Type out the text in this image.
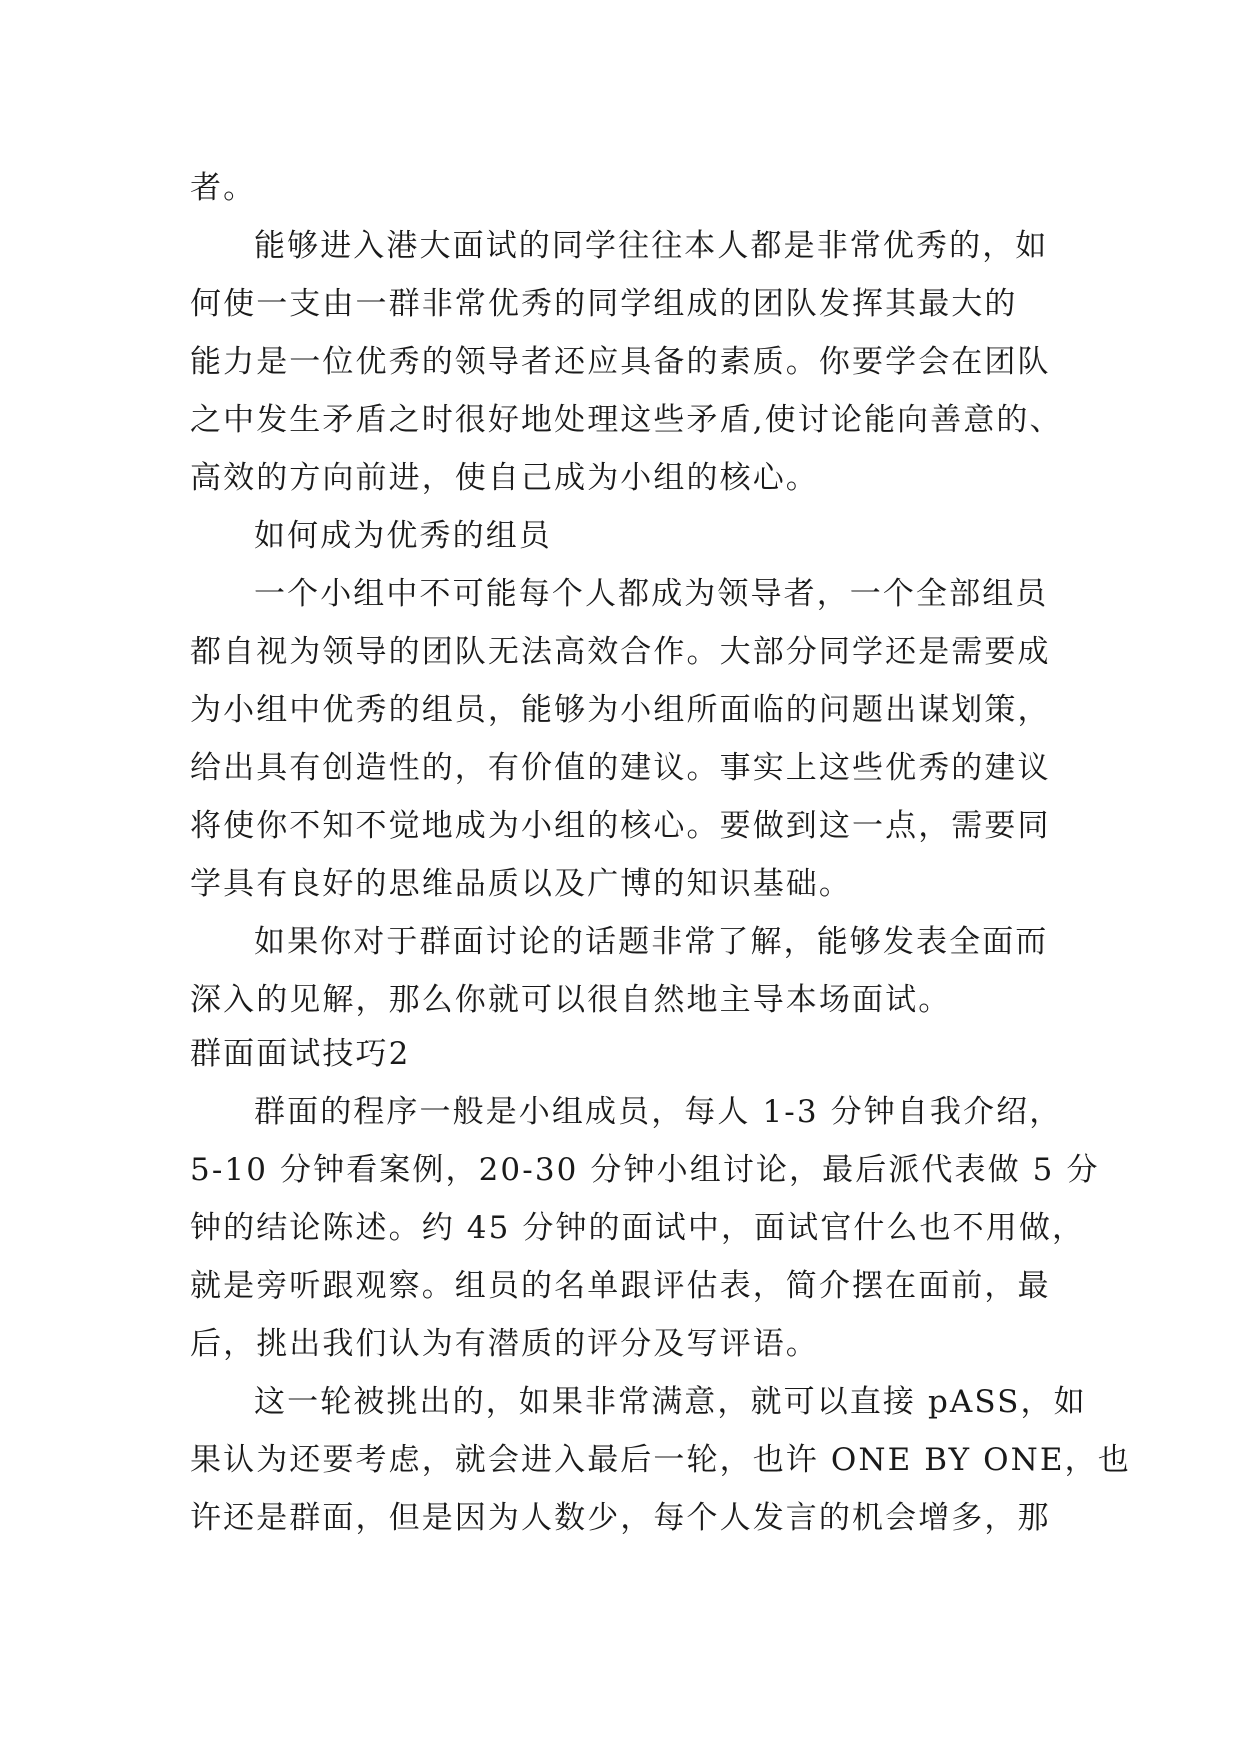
者。

能够进入港大面试的同学往往本人都是非常优秀的，如

何使一支由一群非常优秀的同学组成的团队发挥其最大的

能力是一位优秀的领导者还应具备的素质。你要学会在团队

之中发生矛盾之时很好地处理这些矛盾,使讨论能向善意的、

高效的方向前进，使自己成为小组的核心。

如何成为优秀的组员

一个小组中不可能每个人都成为领导者，一个全部组员

都自视为领导的团队无法高效合作。大部分同学还是需要成

为小组中优秀的组员，能够为小组所面临的问题出谋划策，

给出具有创造性的，有价值的建议。事实上这些优秀的建议

将使你不知不觉地成为小组的核心。要做到这一点，需要同

学具有良好的思维品质以及广博的知识基础。

如果你对于群面讨论的话题非常了解，能够发表全面而

深入的见解，那么你就可以很自然地主导本场面试。

群面面试技巧2

群面的程序一般是小组成员，每人 1-3 分钟自我介绍，

5-10 分钟看案例，20-30 分钟小组讨论，最后派代表做 5 分

钟的结论陈述。约 45 分钟的面试中，面试官什么也不用做，

就是旁听跟观察。组员的名单跟评估表，简介摆在面前，最

后，挑出我们认为有潜质的评分及写评语。

这一轮被挑出的，如果非常满意，就可以直接 pASS，如

果认为还要考虑，就会进入最后一轮，也许 ONE BY ONE，也

许还是群面，但是因为人数少，每个人发言的机会增多，那
